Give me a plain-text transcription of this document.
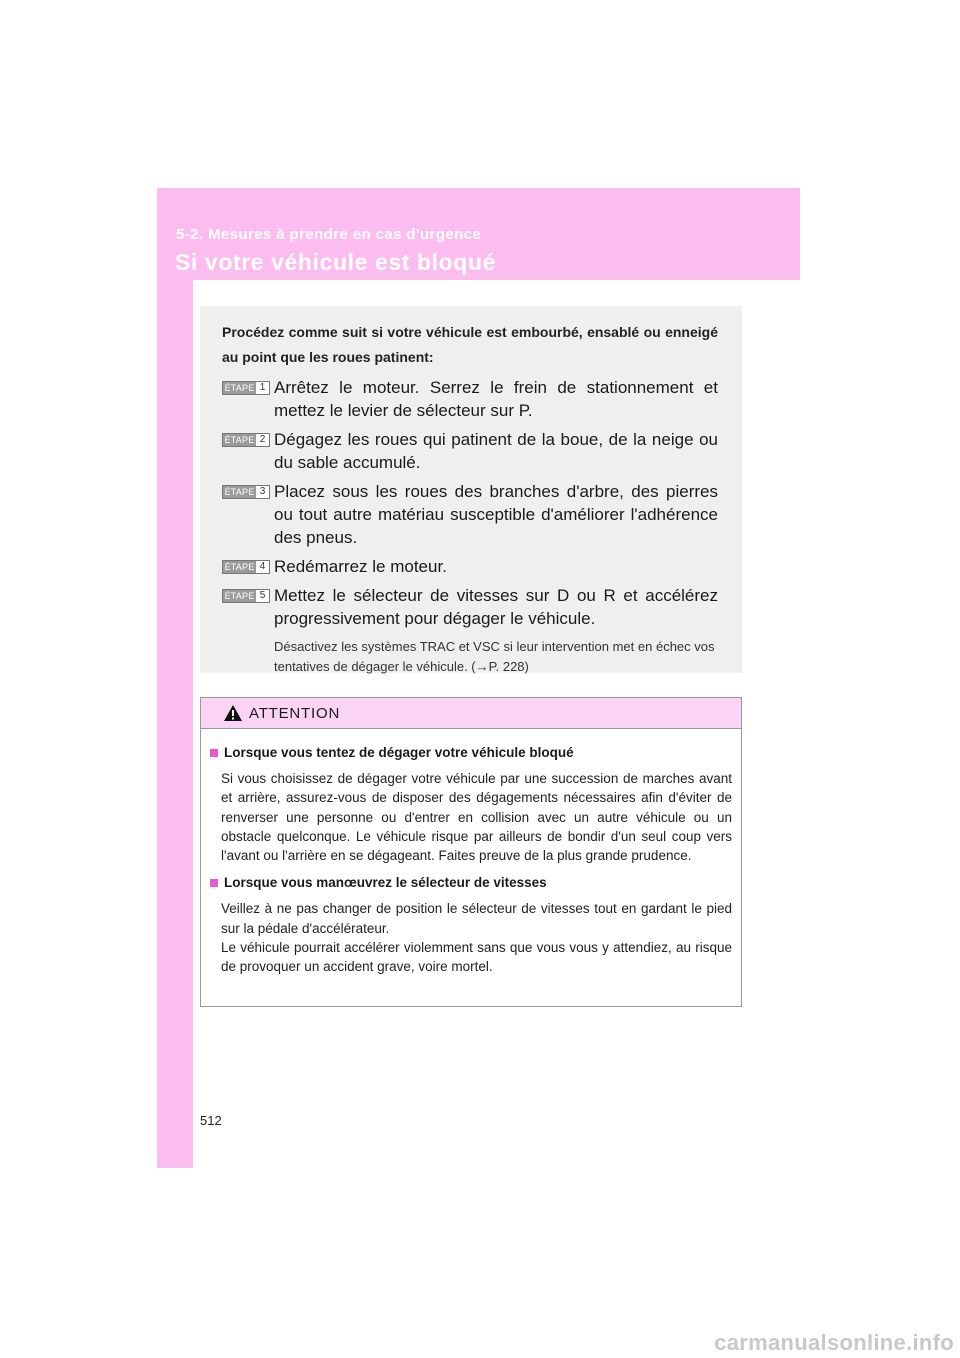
5-2. Mesures à prendre en cas d'urgence
Si votre véhicule est bloqué
Procédez comme suit si votre véhicule est embourbé, ensablé ou enneigé au point que les roues patinent:
ÉTAPE 1 Arrêtez le moteur. Serrez le frein de stationnement et mettez le levier de sélecteur sur P.
ÉTAPE 2 Dégagez les roues qui patinent de la boue, de la neige ou du sable accumulé.
ÉTAPE 3 Placez sous les roues des branches d'arbre, des pierres ou tout autre matériau susceptible d'améliorer l'adhérence des pneus.
ÉTAPE 4 Redémarrez le moteur.
ÉTAPE 5 Mettez le sélecteur de vitesses sur D ou R et accélérez progressivement pour dégager le véhicule.
Désactivez les systèmes TRAC et VSC si leur intervention met en échec vos tentatives de dégager le véhicule. (→P. 228)
ATTENTION
Lorsque vous tentez de dégager votre véhicule bloqué
Si vous choisissez de dégager votre véhicule par une succession de marches avant et arrière, assurez-vous de disposer des dégagements nécessaires afin d'éviter de renverser une personne ou d'entrer en collision avec un autre véhicule ou un obstacle quelconque. Le véhicule risque par ailleurs de bondir d'un seul coup vers l'avant ou l'arrière en se dégageant. Faites preuve de la plus grande prudence.
Lorsque vous manœuvrez le sélecteur de vitesses
Veillez à ne pas changer de position le sélecteur de vitesses tout en gardant le pied sur la pédale d'accélérateur.
Le véhicule pourrait accélérer violemment sans que vous vous y attendiez, au risque de provoquer un accident grave, voire mortel.
512
carmanualsonline.info
